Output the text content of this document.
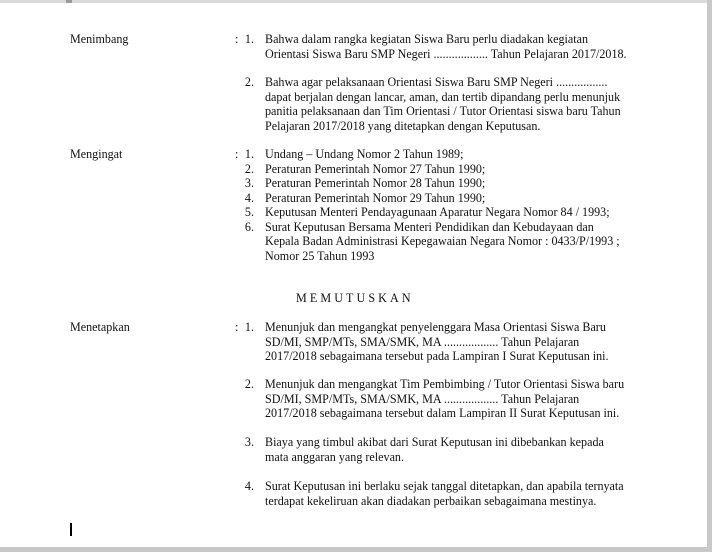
Menimbang	: 1. Bahwa dalam rangka kegiatan Siswa Baru perlu diadakan kegiatan
Orientasi Siswa Baru SMP Negeri .................. Tahun Pelajaran 2017/2018.
2. Bahwa agar pelaksanaan Orientasi Siswa Baru SMP Negeri .................
dapat berjalan dengan lancar, aman, dan tertib dipandang perlu menunjuk
panitia pelaksanaan dan Tim Orientasi / Tutor Orientasi siswa baru Tahun
Pelajaran 2017/2018 yang ditetapkan dengan Keputusan.
Mengingat	: 1. Undang – Undang Nomor 2 Tahun 1989;
2. Peraturan Pemerintah Nomor 27 Tahun 1990;
3. Peraturan Pemerintah Nomor 28 Tahun 1990;
4. Peraturan Pemerintah Nomor 29 Tahun 1990;
5. Keputusan Menteri Pendayagunaan Aparatur Negara Nomor 84 / 1993;
6. Surat Keputusan Bersama Menteri Pendidikan dan Kebudayaan dan
Kepala Badan Administrasi Kepegawaian Negara Nomor : 0433/P/1993 ;
Nomor 25 Tahun 1993
MEMUTUSKAN
Menetapkan	: 1. Menunjuk dan mengangkat penyelenggara Masa Orientasi Siswa Baru
SD/MI, SMP/MTs, SMA/SMK, MA .................. Tahun Pelajaran
2017/2018 sebagaimana tersebut pada Lampiran I Surat Keputusan ini.
2. Menunjuk dan mengangkat Tim Pembimbing / Tutor Orientasi Siswa baru
SD/MI, SMP/MTs, SMA/SMK, MA .................. Tahun Pelajaran
2017/2018 sebagaimana tersebut dalam Lampiran II Surat Keputusan ini.
3. Biaya yang timbul akibat dari Surat Keputusan ini dibebankan kepada
mata anggaran yang relevan.
4. Surat Keputusan ini berlaku sejak tanggal ditetapkan, dan apabila ternyata
terdapat kekeliruan akan diadakan perbaikan sebagaimana mestinya.
